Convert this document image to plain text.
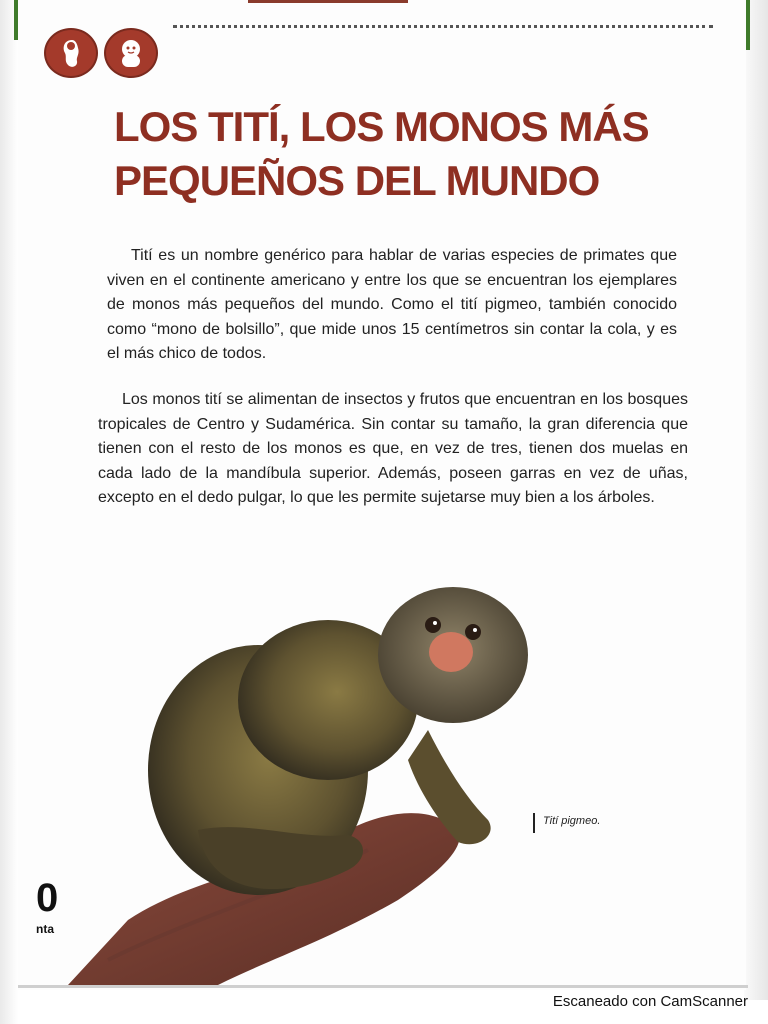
LOS TITÍ, LOS MONOS MÁS
PEQUEÑOS DEL MUNDO
Tití es un nombre genérico para hablar de varias especies de primates que viven en el continente americano y entre los que se encuentran los ejemplares de monos más pequeños del mundo. Como el tití pigmeo, también conocido como “mono de bolsillo”, que mide unos 15 centímetros sin contar la cola, y es el más chico de todos.
Los monos tití se alimentan de insectos y frutos que encuentran en los bosques tropicales de Centro y Sudamérica. Sin contar su tamaño, la gran diferencia que tienen con el resto de los monos es que, en vez de tres, tienen dos muelas en cada lado de la mandíbula superior. Además, poseen garras en vez de uñas, excepto en el dedo pulgar, lo que les permite sujetarse muy bien a los árboles.
Tití pigmeo.
0
nta
Escaneado con CamScanner
